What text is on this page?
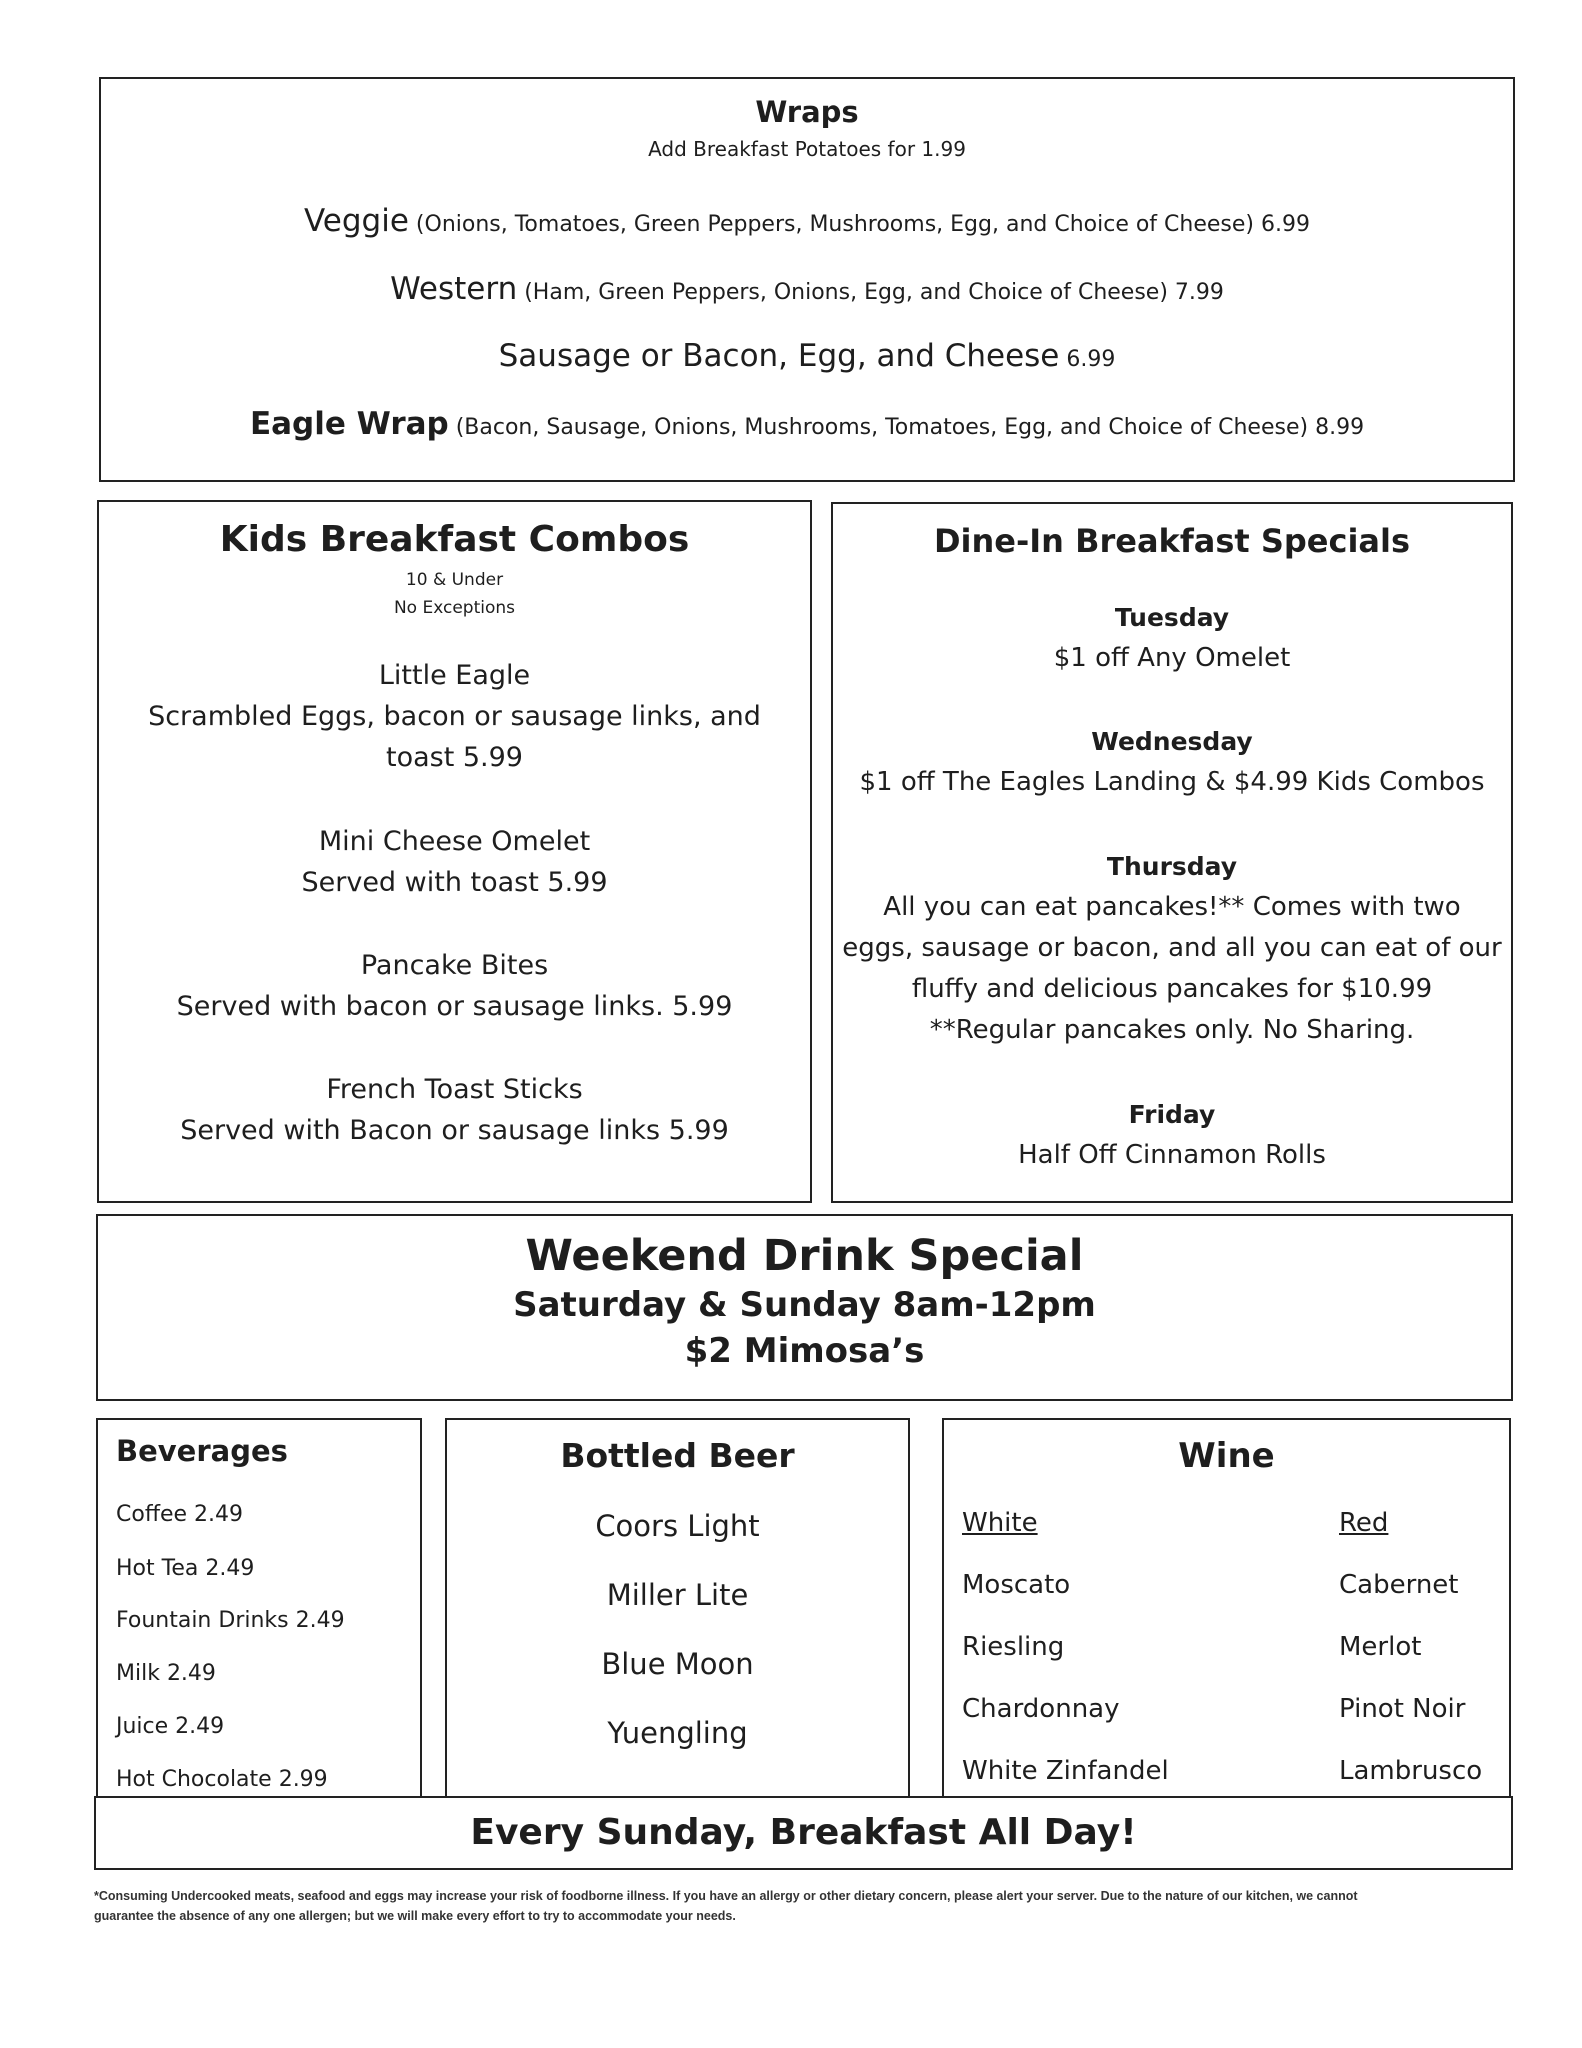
Wraps
Add Breakfast Potatoes for 1.99
Veggie (Onions, Tomatoes, Green Peppers, Mushrooms, Egg, and Choice of Cheese) 6.99
Western (Ham, Green Peppers, Onions, Egg, and Choice of Cheese) 7.99
Sausage or Bacon, Egg, and Cheese 6.99
Eagle Wrap (Bacon, Sausage, Onions, Mushrooms, Tomatoes, Egg, and Choice of Cheese) 8.99
Kids Breakfast Combos
10 & Under
No Exceptions
Little Eagle
Scrambled Eggs, bacon or sausage links, and
toast 5.99
Mini Cheese Omelet
Served with toast 5.99
Pancake Bites
Served with bacon or sausage links. 5.99
French Toast Sticks
Served with Bacon or sausage links 5.99
Dine-In Breakfast Specials
Tuesday
$1 off Any Omelet
Wednesday
$1 off The Eagles Landing & $4.99 Kids Combos
Thursday
All you can eat pancakes!** Comes with two
eggs, sausage or bacon, and all you can eat of our
fluffy and delicious pancakes for $10.99
**Regular pancakes only. No Sharing.
Friday
Half Off Cinnamon Rolls
Weekend Drink Special
Saturday & Sunday 8am-12pm
$2 Mimosa’s
Beverages
Coffee 2.49
Hot Tea 2.49
Fountain Drinks 2.49
Milk 2.49
Juice 2.49
Hot Chocolate 2.99
Bottled Beer
Coors Light
Miller Lite
Blue Moon
Yuengling
Wine
White
Moscato
Riesling
Chardonnay
White Zinfandel
Red
Cabernet
Merlot
Pinot Noir
Lambrusco
Every Sunday, Breakfast All Day!
*Consuming Undercooked meats, seafood and eggs may increase your risk of foodborne illness. If you have an allergy or other dietary concern, please alert your server. Due to the nature of our kitchen, we cannot
guarantee the absence of any one allergen; but we will make every effort to try to accommodate your needs.
